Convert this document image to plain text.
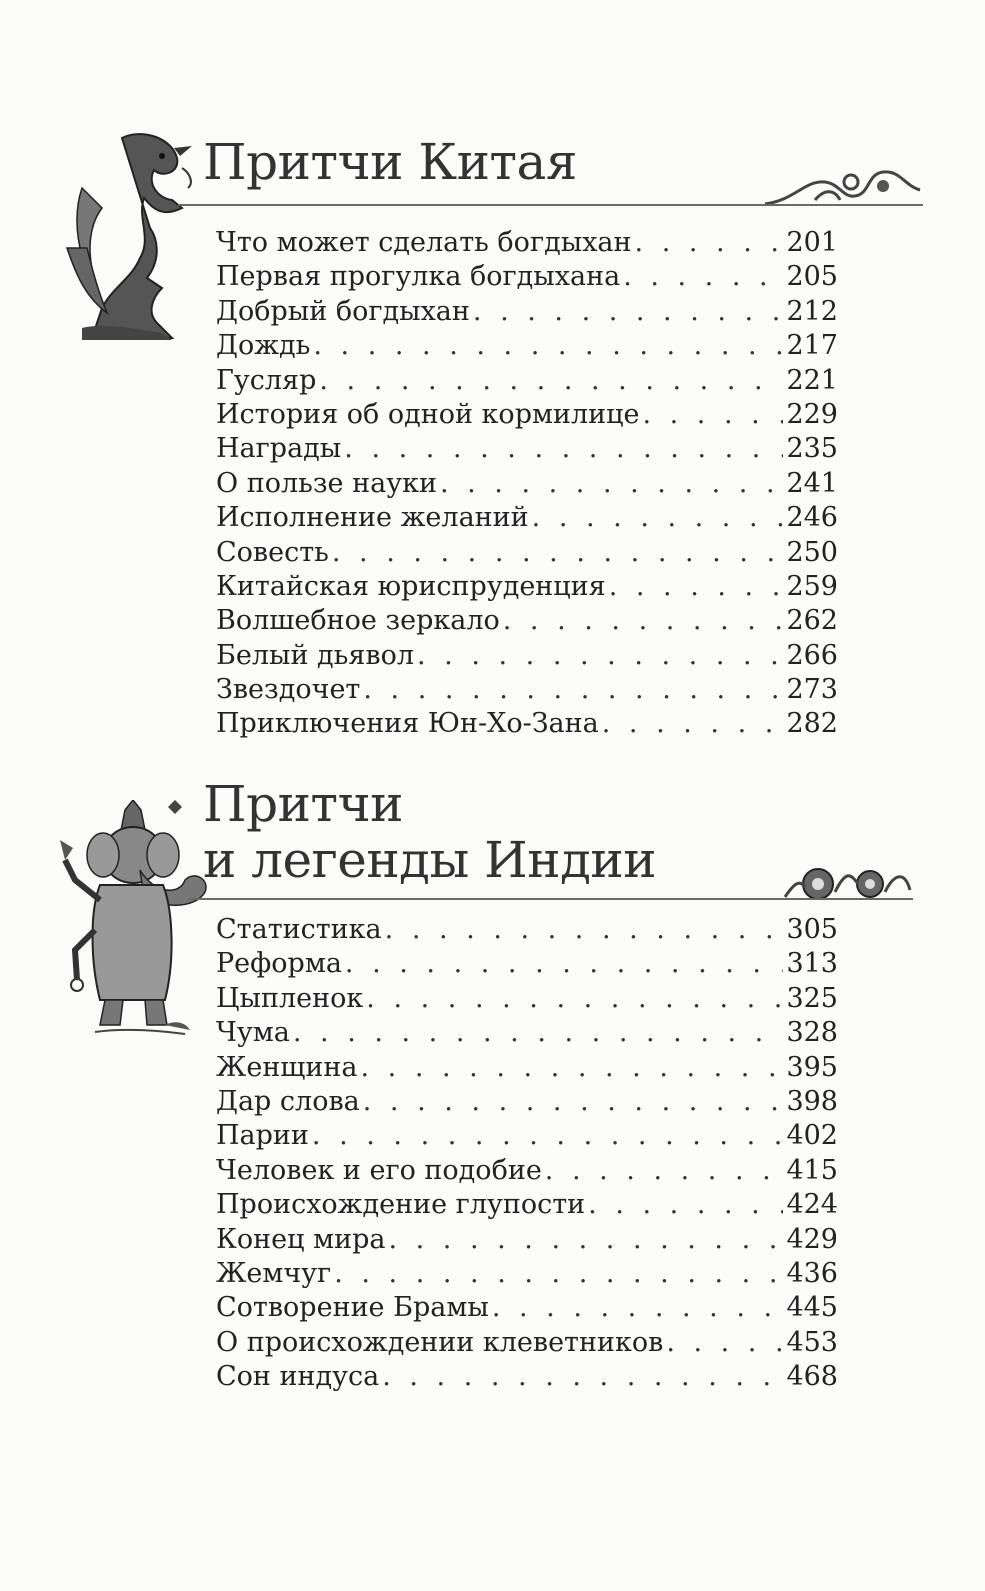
Притчи Китая
Что может сделать богдыхан . . .	201
Первая прогулка богдыхана . . .	205
Добрый богдыхан . . .	212
Дождь . . .	217
Гусляр . . .	221
История об одной кормилице . . .	229
Награды . . .	235
О пользе науки . . .	241
Исполнение желаний . . .	246
Совесть . . .	250
Китайская юриспруденция . . .	259
Волшебное зеркало . . .	262
Белый дьявол . . .	266
Звездочет . . .	273
Приключения Юн-Хо-Зана . . .	282
Притчи
и легенды Индии
Статистика . . .	305
Реформа . . .	313
Цыпленок . . .	325
Чума . . .	328
Женщина . . .	395
Дар слова . . .	398
Парии . . .	402
Человек и его подобие . . .	415
Происхождение глупости . . .	424
Конец мира . . .	429
Жемчуг . . .	436
Сотворение Брамы . . .	445
О происхождении клеветников . . .	453
Сон индуса . . .	468
